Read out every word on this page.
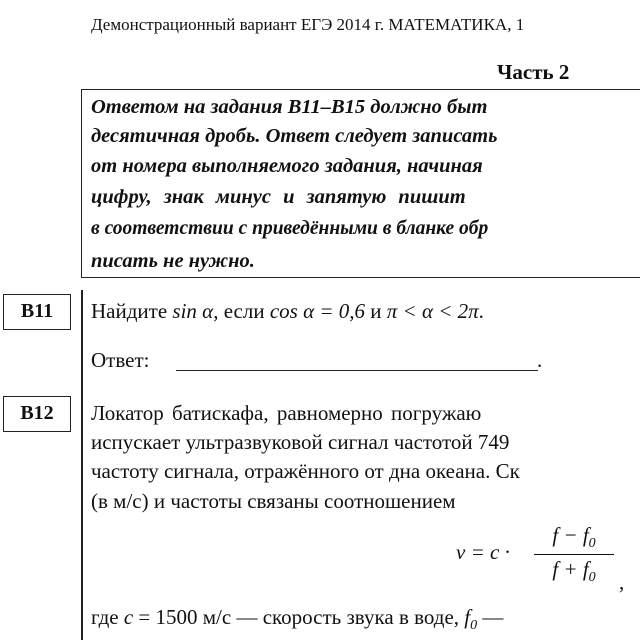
Демонстрационный вариант ЕГЭ 2014 г. МАТЕМАТИКА, 1
Часть 2
Ответом на задания B11–B15 должно быт
десятичная дробь. Ответ следует записать
от номера выполняемого задания, начиная
цифру, знак минус и запятую пишит
в соответствии с приведёнными в бланке обр
писать не нужно.
B11	Найдите sin α, если cos α = 0,6 и π < α < 2π.
Ответ:	.
B12	Локатор батискафа, равномерно погружаю
испускает ультразвуковой сигнал частотой 749
частоту сигнала, отражённого от дна океана. Ск
(в м/с) и частоты связаны соотношением
$v = c \cdot \frac{f - f_0}{f + f_0}$ ,
где c = 1500 м/с — скорость звука в воде, $f_0$ —
